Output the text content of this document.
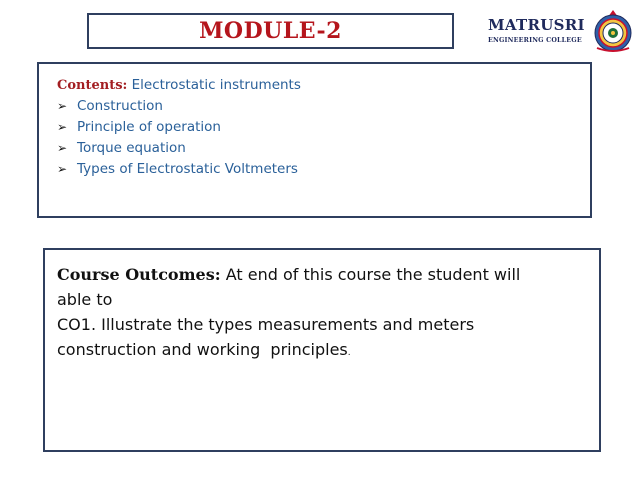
MODULE-2	MATRUSRI
ENGINEERING COLLEGE
Contents: Electrostatic instruments
➢ Construction
➢ Principle of operation
➢ Torque equation
➢ Types of Electrostatic Voltmeters
Course Outcomes: At end of this course the student will
able to
CO1. Illustrate the types measurements and meters
construction and working  principles.
